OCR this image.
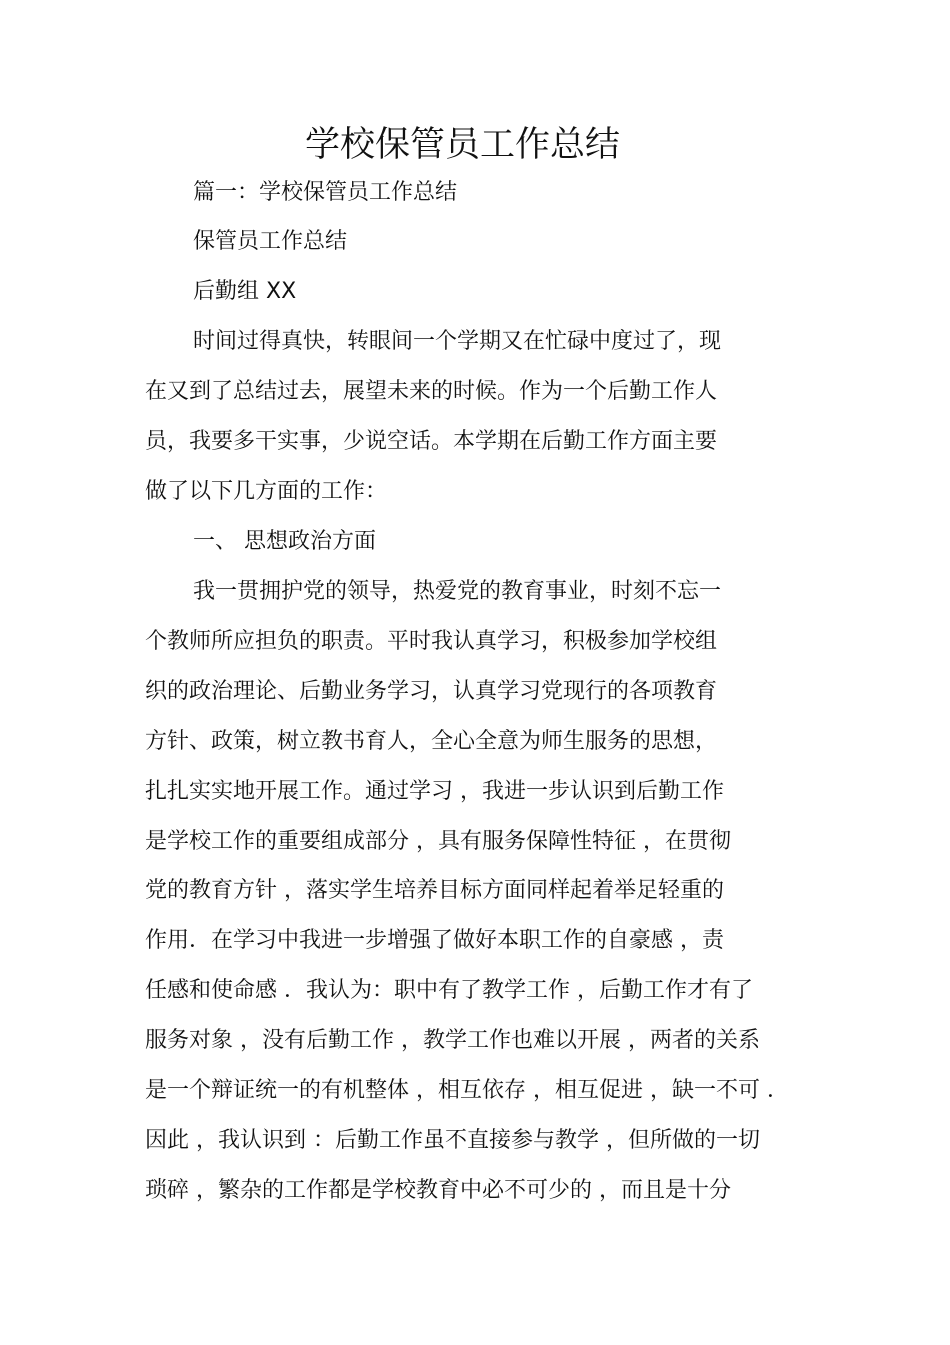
学校保管员工作总结
篇一：学校保管员工作总结
保管员工作总结
后勤组 XX
时间过得真快，转眼间一个学期又在忙碌中度过了，现
在又到了总结过去，展望未来的时候。作为一个后勤工作人
员，我要多干实事，少说空话。本学期在后勤工作方面主要
做了以下几方面的工作：
一、 思想政治方面
我一贯拥护党的领导，热爱党的教育事业，时刻不忘一
个教师所应担负的职责。平时我认真学习，积极参加学校组
织的政治理论、后勤业务学习，认真学习党现行的各项教育
方针、政策，树立教书育人，全心全意为师生服务的思想，
扎扎实实地开展工作。通过学习 ，我进一步认识到后勤工作
是学校工作的重要组成部分 ，具有服务保障性特征 ，在贯彻
党的教育方针 ，落实学生培养目标方面同样起着举足轻重的
作用．在学习中我进一步增强了做好本职工作的自豪感 ，责
任感和使命感 ．我认为：职中有了教学工作 ，后勤工作才有了
服务对象 ，没有后勤工作 ，教学工作也难以开展 ，两者的关系
是一个辩证统一的有机整体 ，相互依存 ，相互促进 ，缺一不可 ．
因此 ，我认识到 ：后勤工作虽不直接参与教学 ，但所做的一切
琐碎 ，繁杂的工作都是学校教育中必不可少的 ，而且是十分
